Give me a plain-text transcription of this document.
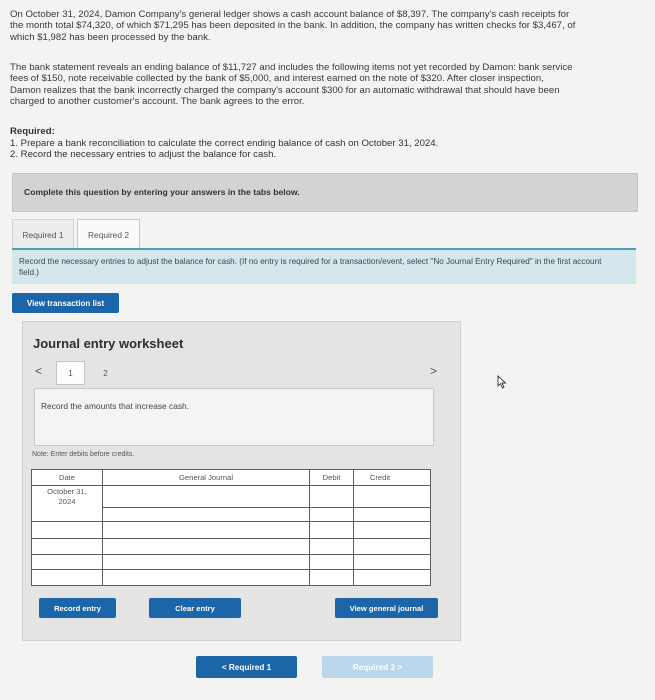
On October 31, 2024, Damon Company's general ledger shows a cash account balance of $8,397. The company's cash receipts for
the month total $74,320, of which $71,295 has been deposited in the bank. In addition, the company has written checks for $3,467, of
which $1,982 has been processed by the bank.

The bank statement reveals an ending balance of $11,727 and includes the following items not yet recorded by Damon: bank service
fees of $150, note receivable collected by the bank of $5,000, and interest earned on the note of $320. After closer inspection,
Damon realizes that the bank incorrectly charged the company's account $300 for an automatic withdrawal that should have been
charged to another customer's account. The bank agrees to the error.

Required:

1. Prepare a bank reconciliation to calculate the correct ending balance of cash on October 31, 2024.
2. Record the necessary entries to adjust the balance for cash.
Complete this question by entering your answers in the tabs below.
Required 1	Required 2
Record the necessary entries to adjust the balance for cash. (If no entry is required for a transaction/event, select "No Journal Entry Required" in the first account field.)
View transaction list
Journal entry worksheet
<	1	2	>
Record the amounts that increase cash.
Note: Enter debits before credits.
Date	General Journal	Debit	Credit
October 31,
2024
Record entry	Clear entry	View general journal
< Required 1	Required 2 >
